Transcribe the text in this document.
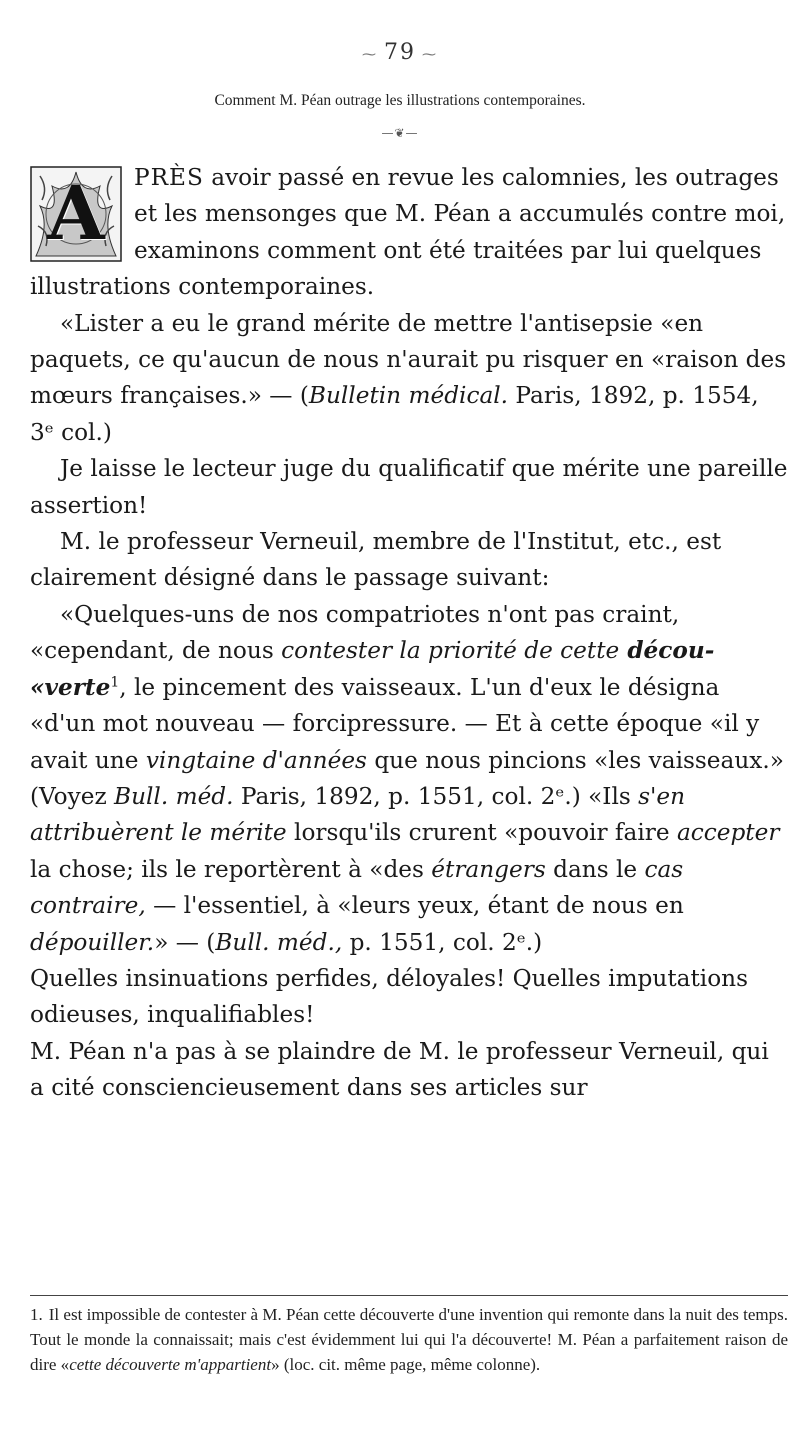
⁓ 79 ⁓
Comment M. Péan outrage les illustrations contemporaines.
—❦—

A	PRÈS avoir passé en revue les calomnies, les outrages et les mensonges que M. Péan a accumulés contre moi, examinons comment ont été traitées par lui quelques illustrations contemporaines.

«Lister a eu le grand mérite de mettre l'antisepsie «en paquets, ce qu'aucun de nous n'aurait pu risquer en «raison des mœurs françaises.» — (Bulletin médical. Paris, 1892, p. 1554, 3ᵉ col.)

Je laisse le lecteur juge du qualificatif que mérite une pareille assertion!

M. le professeur Verneuil, membre de l'Institut, etc., est clairement désigné dans le passage suivant:

«Quelques-uns de nos compatriotes n'ont pas craint, «cependant, de nous contester la priorité de cette décou- «verte$^1$, le pincement des vaisseaux. L'un d'eux le désigna «d'un mot nouveau — forcipressure. — Et à cette époque «il y avait une vingtaine d'années que nous pincions «les vaisseaux.» (Voyez Bull. méd. Paris, 1892, p. 1551, col. 2ᵉ.) «Ils s'en attribuèrent le mérite lorsqu'ils crurent «pouvoir faire accepter la chose; ils le reportèrent à «des étrangers dans le cas contraire, — l'essentiel, à «leurs yeux, étant de nous en dépouiller.» — (Bull. méd., p. 1551, col. 2ᵉ.)

Quelles insinuations perfides, déloyales! Quelles imputations odieuses, inqualifiables!

M. Péan n'a pas à se plaindre de M. le professeur Verneuil, qui a cité consciencieusement dans ses articles sur

1. Il est impossible de contester à M. Péan cette découverte d'une invention qui remonte dans la nuit des temps. Tout le monde la connaissait; mais c'est évidemment lui qui l'a découverte! M. Péan a parfaitement raison de dire «cette découverte m'appartient» (loc. cit. même page, même colonne).
